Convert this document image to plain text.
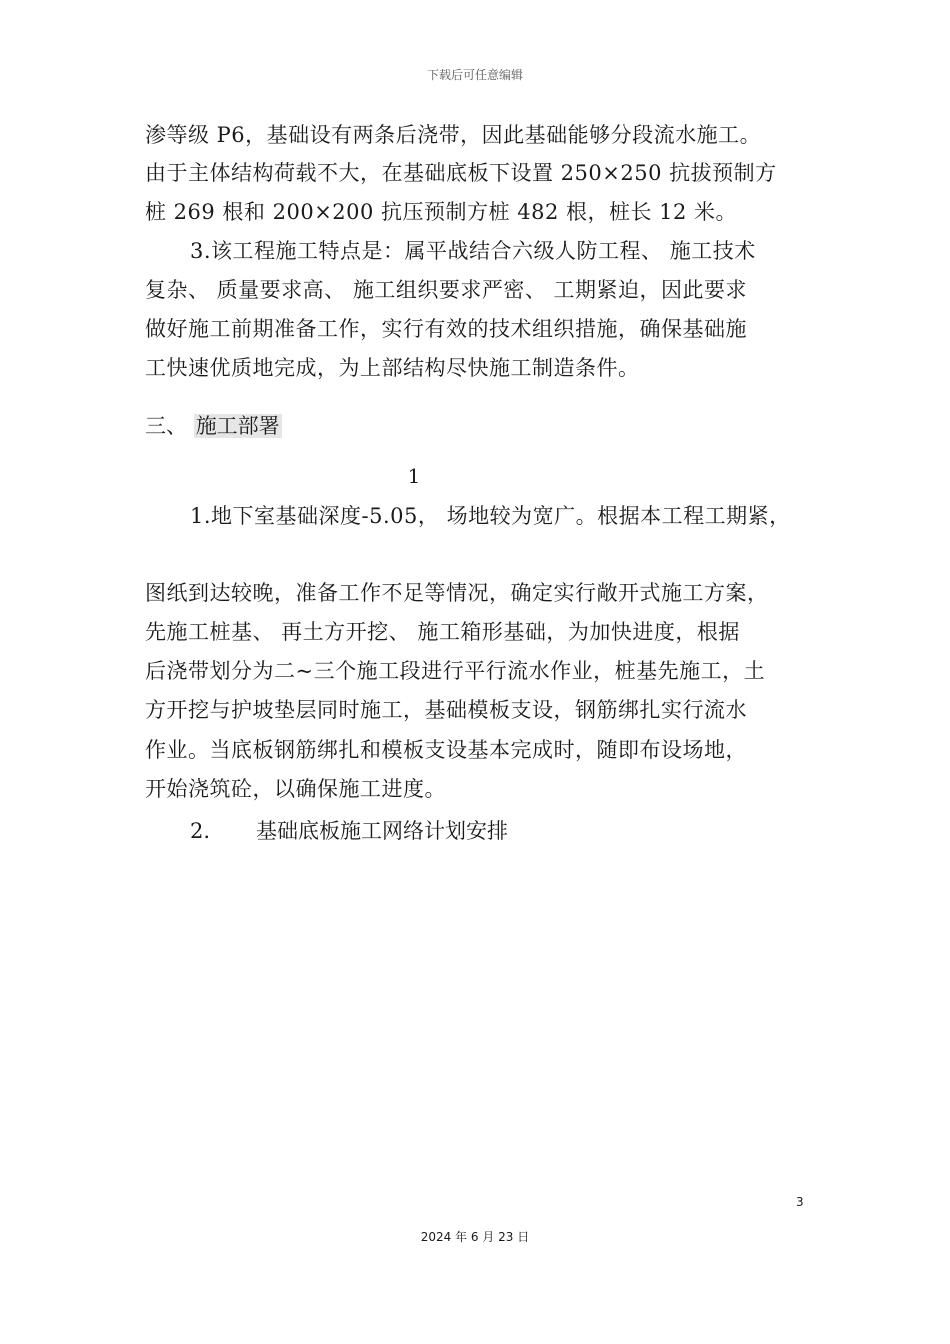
下载后可任意编辑
渗等级 P6，基础设有两条后浇带，因此基础能够分段流水施工。
由于主体结构荷载不大，在基础底板下设置 250×250 抗拔预制方
桩 269 根和 200×200 抗压预制方桩 482 根，桩长 12 米。
3.该工程施工特点是：属平战结合六级人防工程、 施工技术
复杂、 质量要求高、 施工组织要求严密、 工期紧迫，因此要求
做好施工前期准备工作，实行有效的技术组织措施，确保基础施
工快速优质地完成，为上部结构尽快施工制造条件。
三、 施工部署
1
1.地下室基础深度-5.05， 场地较为宽广。根据本工程工期紧，
图纸到达较晚，准备工作不足等情况，确定实行敞开式施工方案，
先施工桩基、 再土方开挖、 施工箱形基础，为加快进度，根据
后浇带划分为二~三个施工段进行平行流水作业，桩基先施工，土
方开挖与护坡垫层同时施工，基础模板支设，钢筋绑扎实行流水
作业。当底板钢筋绑扎和模板支设基本完成时，随即布设场地，
开始浇筑砼，以确保施工进度。
2. 基础底板施工网络计划安排
3
2024 年 6 月 23 日
